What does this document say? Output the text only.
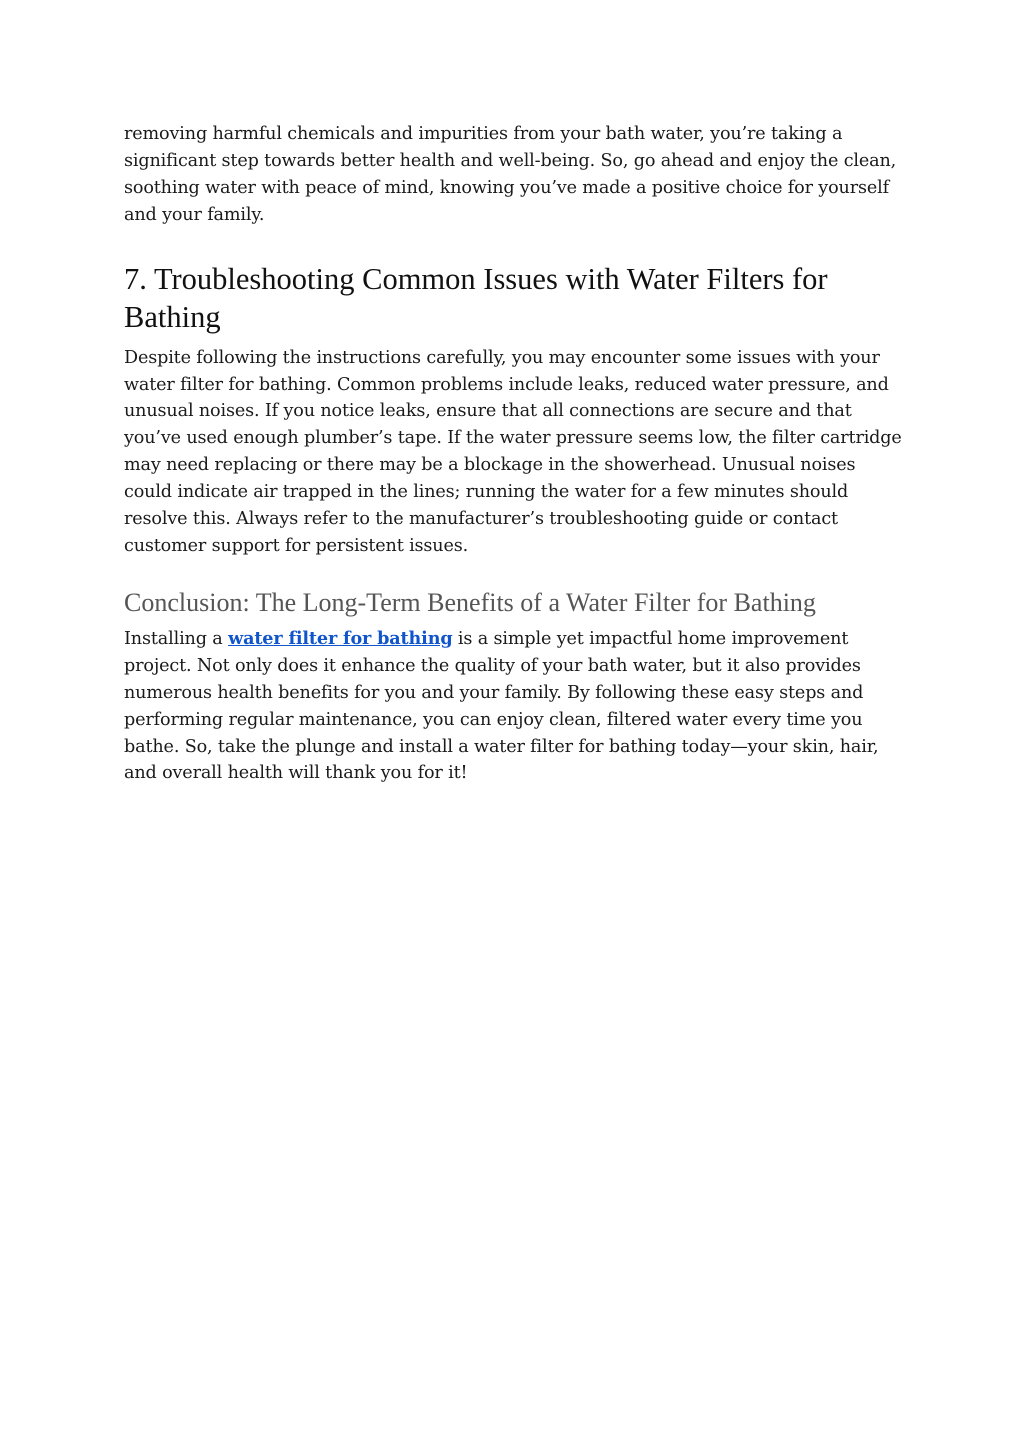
removing harmful chemicals and impurities from your bath water, you’re taking a significant step towards better health and well-being. So, go ahead and enjoy the clean, soothing water with peace of mind, knowing you’ve made a positive choice for yourself and your family.

7. Troubleshooting Common Issues with Water Filters for Bathing

Despite following the instructions carefully, you may encounter some issues with your water filter for bathing. Common problems include leaks, reduced water pressure, and unusual noises. If you notice leaks, ensure that all connections are secure and that you’ve used enough plumber’s tape. If the water pressure seems low, the filter cartridge may need replacing or there may be a blockage in the showerhead. Unusual noises could indicate air trapped in the lines; running the water for a few minutes should resolve this. Always refer to the manufacturer’s troubleshooting guide or contact customer support for persistent issues.

Conclusion: The Long-Term Benefits of a Water Filter for Bathing

Installing a water filter for bathing is a simple yet impactful home improvement project. Not only does it enhance the quality of your bath water, but it also provides numerous health benefits for you and your family. By following these easy steps and performing regular maintenance, you can enjoy clean, filtered water every time you bathe. So, take the plunge and install a water filter for bathing today—your skin, hair, and overall health will thank you for it!
